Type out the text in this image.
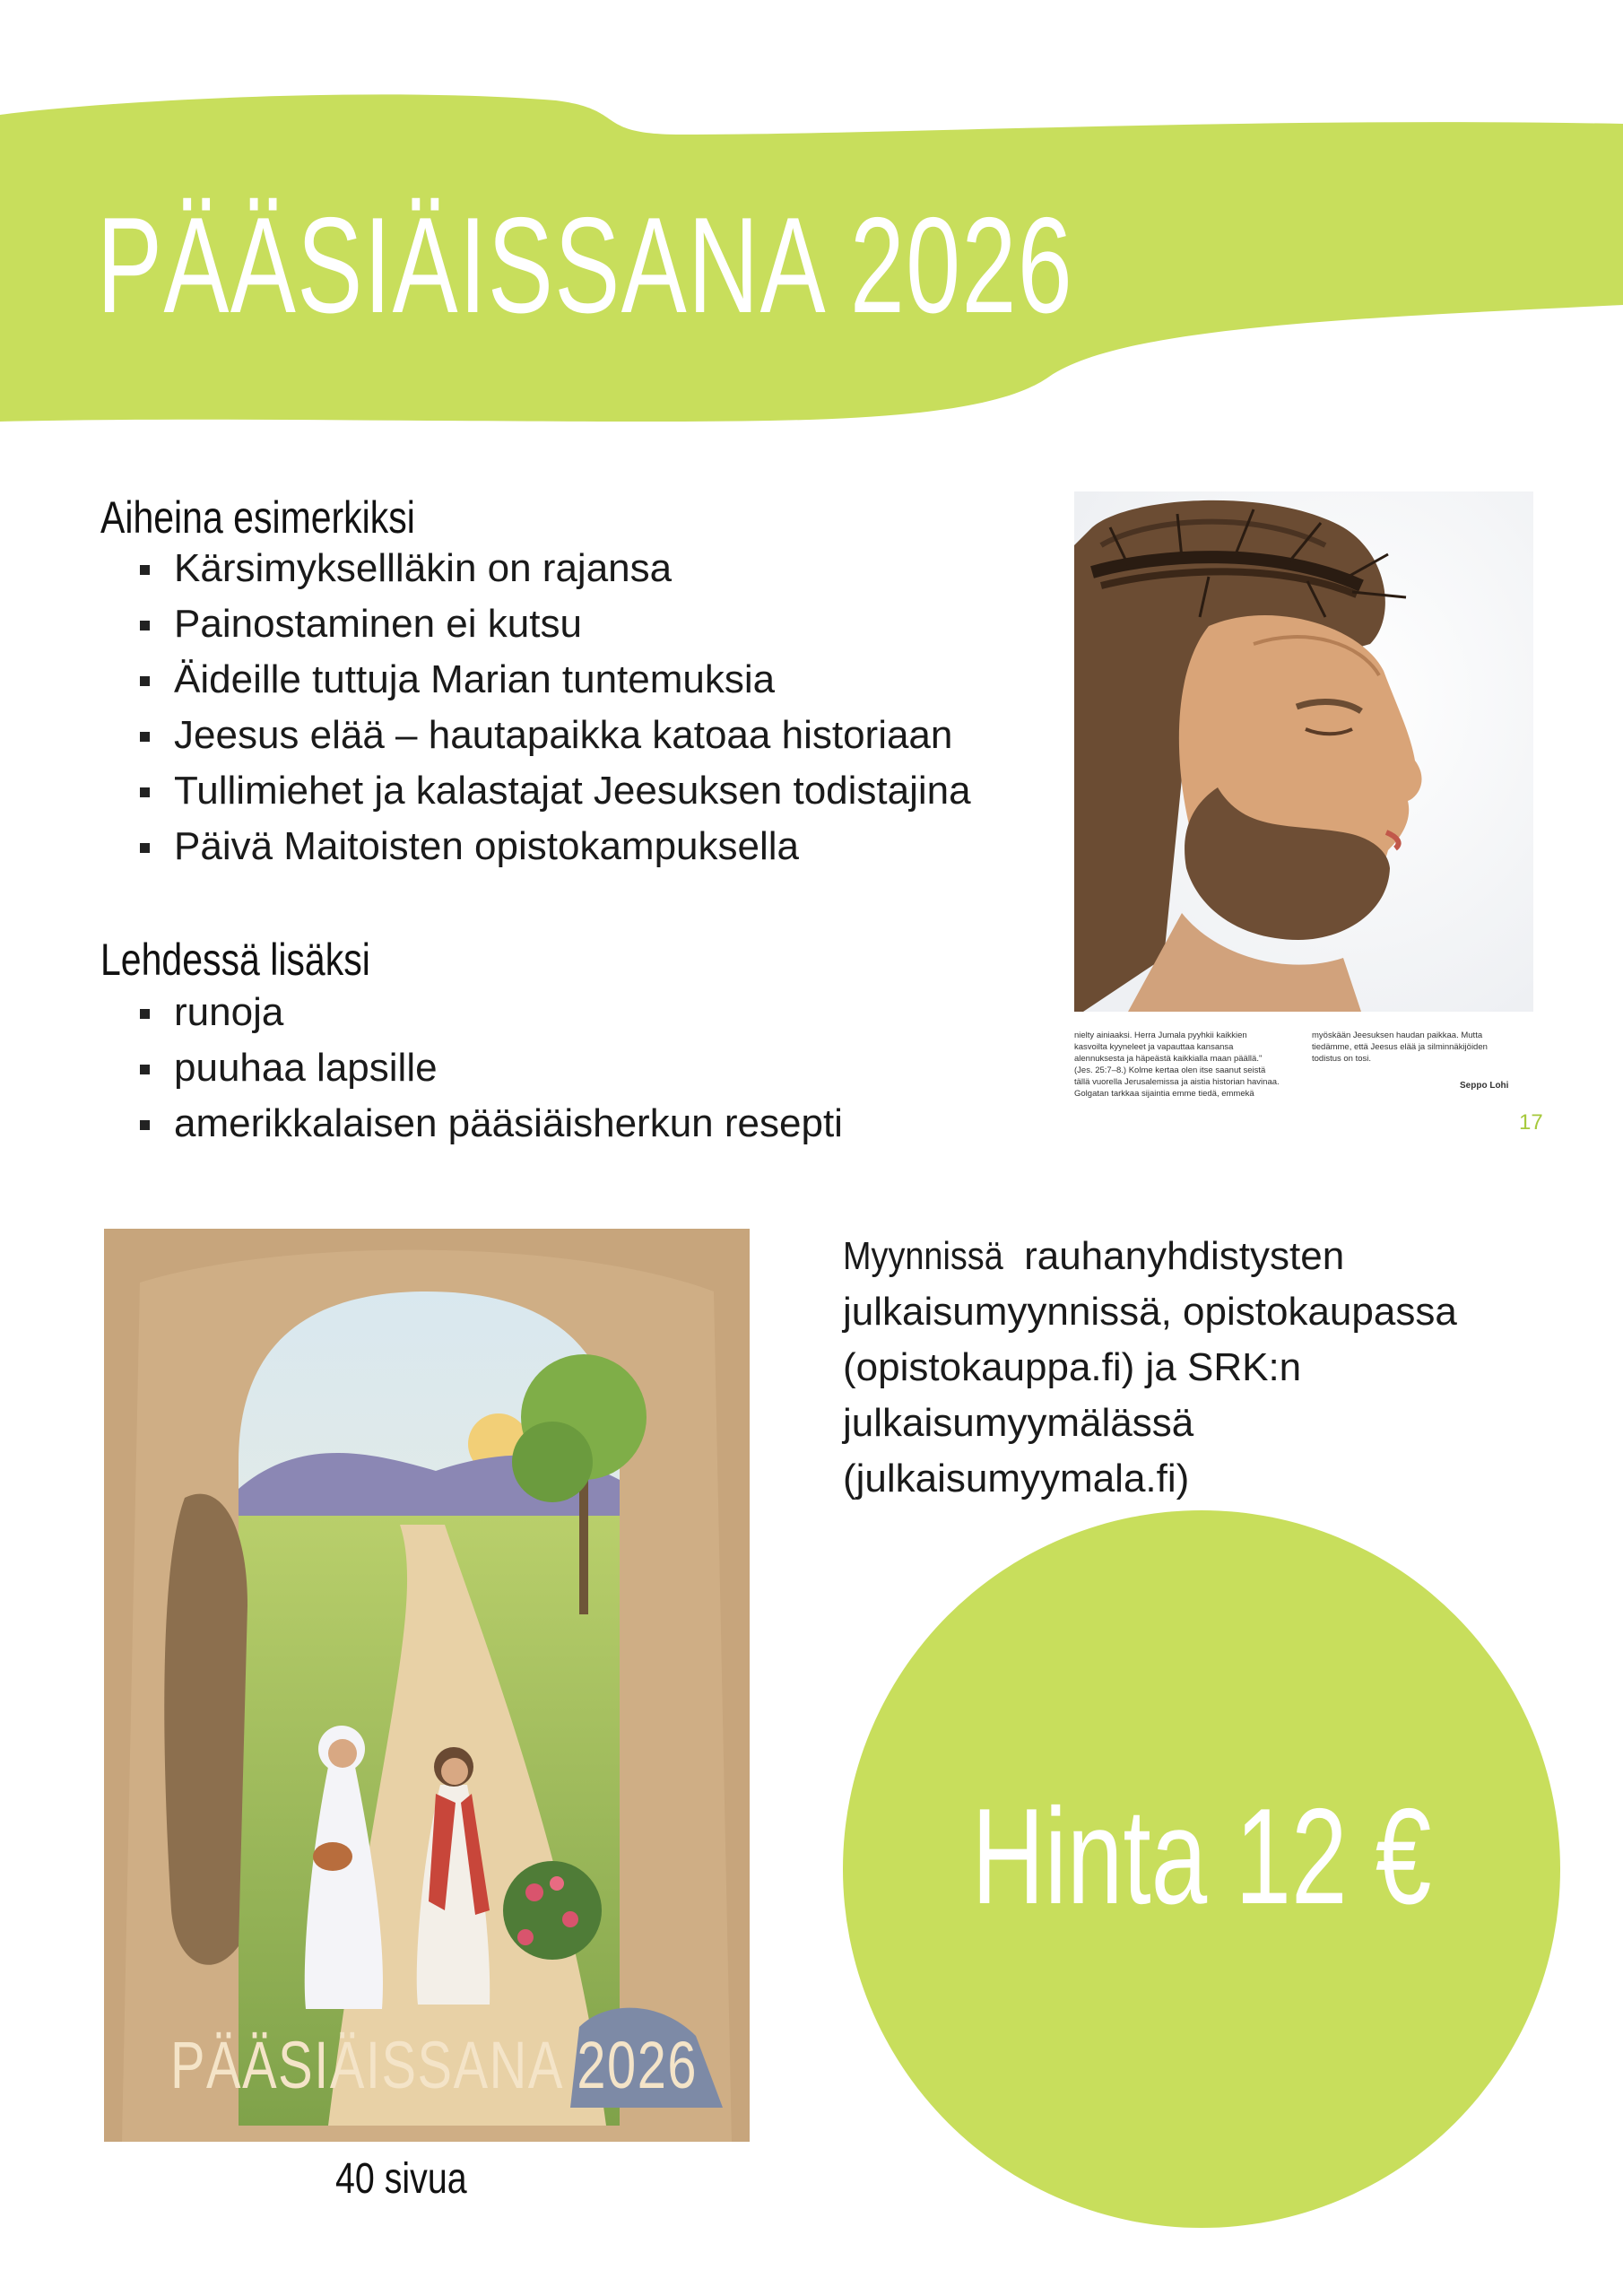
PÄÄSIÄISSANA 2026
Aiheina esimerkiksi
Kärsimyksellläkin on rajansa
Painostaminen ei kutsu
Äideille tuttuja Marian tuntemuksia
Jeesus elää – hautapaikka katoaa historiaan
Tullimiehet ja kalastajat Jeesuksen todistajina
Päivä Maitoisten opistokampuksella
Lehdessä lisäksi
runoja
puuhaa lapsille
amerikkalaisen pääsiäisherkun resepti
nielty ainiaaksi. Herra Jumala pyyhkii kaikkien kasvoilta kyyneleet ja vapauttaa kansansa alennuksesta ja häpeästä kaikkialla maan päällä." (Jes. 25:7–8.) Kolme kertaa olen itse saanut seistä tällä vuorella Jerusalemissa ja aistia historian havinaa. Golgatan tarkkaa sijaintia emme tiedä, emmekä
myöskään Jeesuksen haudan paikkaa. Mutta tiedämme, että Jeesus elää ja silminnäkijöiden todistus on tosi.
Seppo Lohi
17
PÄÄSIÄISSANA 2026
40 sivua

Myynnissä rauhanyhdistysten julkaisumyynnissä, opistokaupassa (opistokauppa.fi) ja SRK:n julkaisumyymälässä (julkaisumyymala.fi)

Hinta 12 €
